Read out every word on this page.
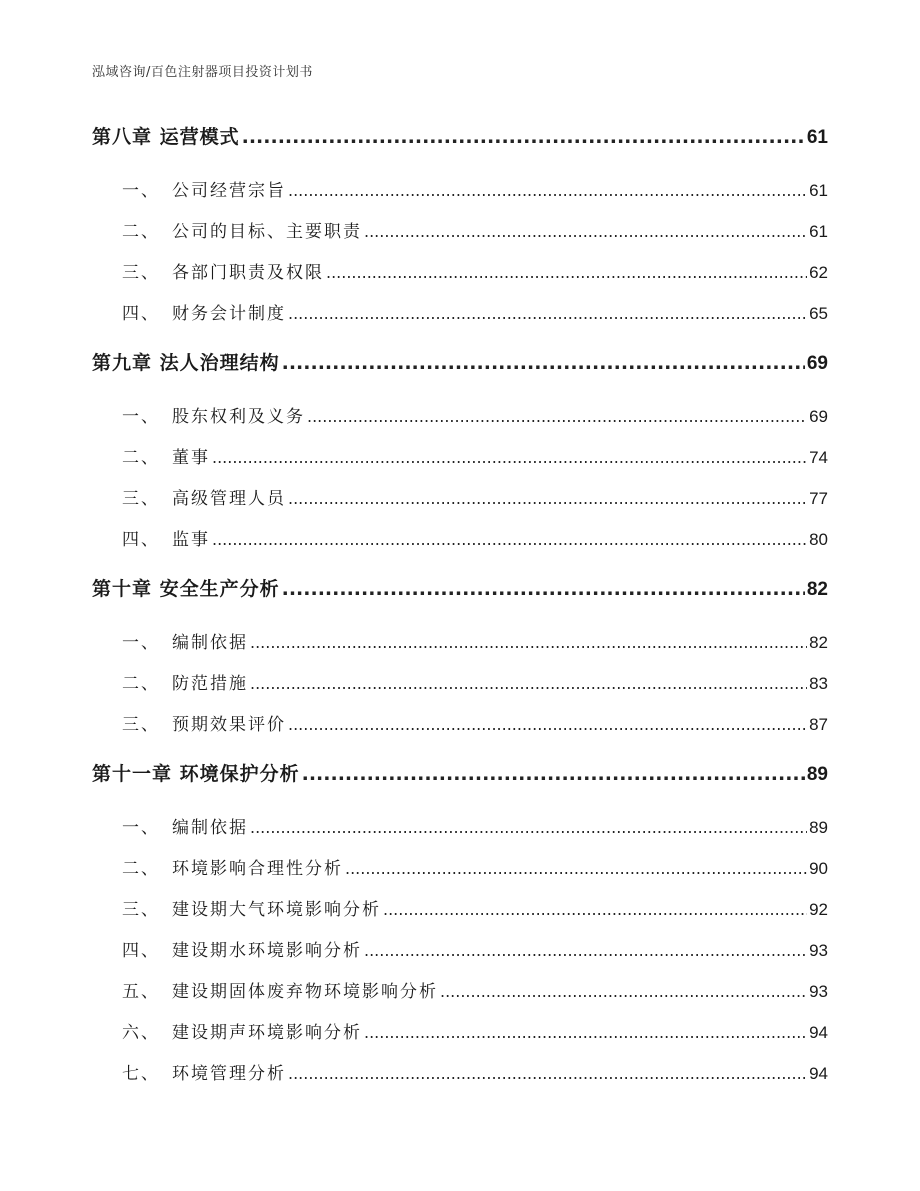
泓域咨询/百色注射器项目投资计划书
第八章 运营模式 .....	61
一、 公司经营宗旨 .....	61
二、 公司的目标、主要职责 .....	61
三、 各部门职责及权限 .....	62
四、 财务会计制度 .....	65
第九章 法人治理结构 .....	69
一、 股东权利及义务 .....	69
二、 董事 .....	74
三、 高级管理人员 .....	77
四、 监事 .....	80
第十章 安全生产分析 .....	82
一、 编制依据 .....	82
二、 防范措施 .....	83
三、 预期效果评价 .....	87
第十一章 环境保护分析 .....	89
一、 编制依据 .....	89
二、 环境影响合理性分析 .....	90
三、 建设期大气环境影响分析 .....	92
四、 建设期水环境影响分析 .....	93
五、 建设期固体废弃物环境影响分析 .....	93
六、 建设期声环境影响分析 .....	94
七、 环境管理分析 .....	94
